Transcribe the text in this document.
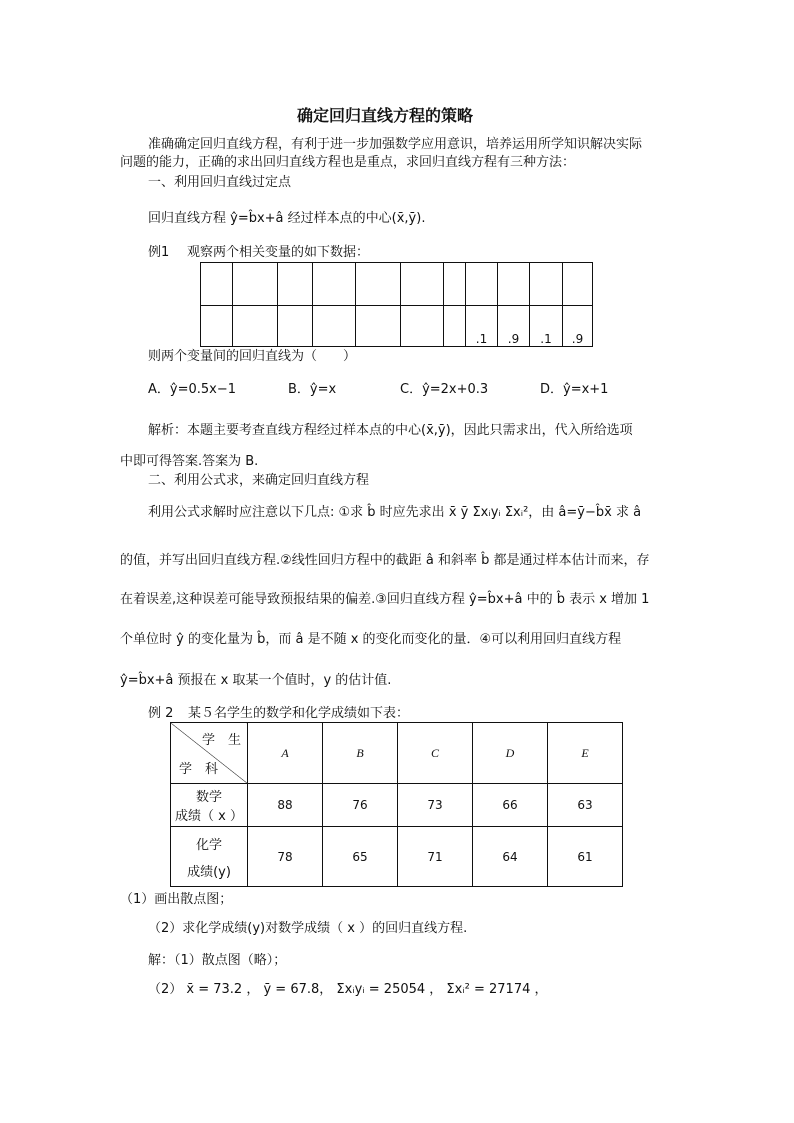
确定回归直线方程的策略
准确确定回归直线方程，有利于进一步加强数学应用意识，培养运用所学知识解决实际
问题的能力，正确的求出回归直线方程也是重点，求回归直线方程有三种方法：
一、利用回归直线过定点
回归直线方程 ŷ=b̂x+â 经过样本点的中心(x̄,ȳ).
例1 观察两个相关变量的如下数据：

							.1	.9	.1	.9
则两个变量间的回归直线为（　　）
A．ŷ=0.5x−1	B．ŷ=x	C．ŷ=2x+0.3	D．ŷ=x+1
解析：本题主要考查直线方程经过样本点的中心(x̄,ȳ)，因此只需求出，代入所给选项
中即可得答案.答案为 B.
二、利用公式求，来确定回归直线方程
利用公式求解时应注意以下几点: ①求 b̂ 时应先求出 x̄ ȳ Σxᵢyᵢ Σxᵢ²，由 â=ȳ−b̂x̄ 求 â
的值，并写出回归直线方程.②线性回归方程中的截距 â 和斜率 b̂ 都是通过样本估计而来，存
在着误差,这种误差可能导致预报结果的偏差.③回归直线方程 ŷ=b̂x+â 中的 b̂ 表示 x 增加 1
个单位时 ŷ 的变化量为 b̂，而 â 是不随 x 的变化而变化的量．④可以利用回归直线方程
ŷ=b̂x+â 预报在 x 取某一个值时，y 的估计值.
例 2 某５名学生的数学和化学成绩如下表：
学　生
学　科	A	B	C	D	E

数学
成绩（ x ）	88	76	73	66	63

化学
成绩(y)	78	65	71	64	61
（1）画出散点图；
（2）求化学成绩(y)对数学成绩（ x ）的回归直线方程.
解：（1）散点图（略）；
（2） x̄ = 73.2 ， ȳ = 67.8， Σxᵢyᵢ = 25054 ， Σxᵢ² = 27174 ，
